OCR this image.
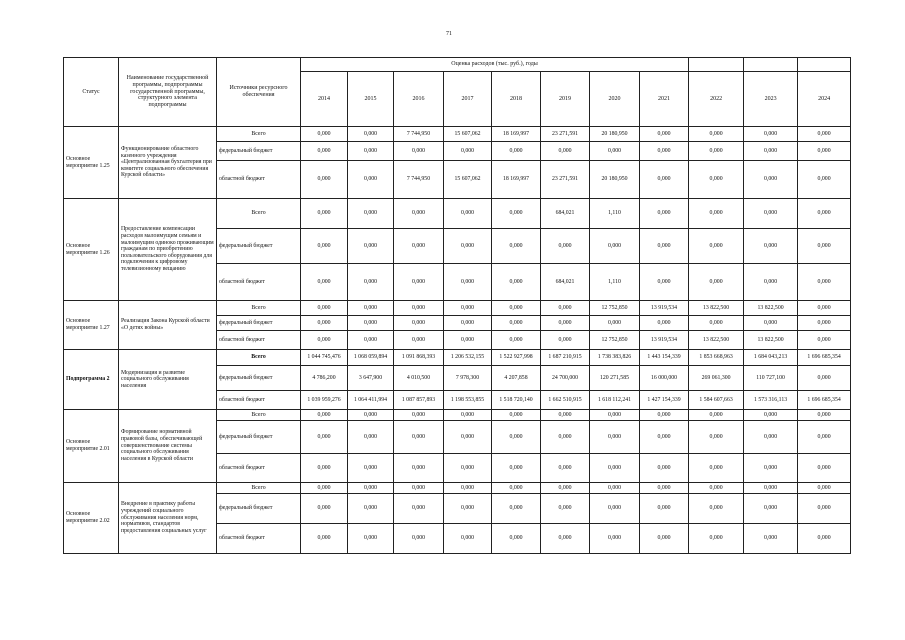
71
Статус	Наименование государственной программы, подпрограммы государственной программы, структурного элемента подпрограммы	Источники ресурсного обеспечения	Оценка расходов (тыс. руб.), годы										
			2014	2015	2016	2017	2018	2019	2020	2021	2022	2023	2024
Основное мероприятие 1.25	Функционирование областного казенного учреждения «Централизованная бухгалтерия при комитете социального обеспечения Курской области»	Всего	0,000	0,000	7 744,950	15 607,062	18 169,997	23 271,591	20 180,950	0,000	0,000	0,000	0,000
		федеральный бюджет	0,000	0,000	0,000	0,000	0,000	0,000	0,000	0,000	0,000	0,000	0,000
		областной бюджет	0,000	0,000	7 744,950	15 607,062	18 169,997	23 271,591	20 180,950	0,000	0,000	0,000	0,000
Основное мероприятие 1.26	Предоставление компенсации расходов малоимущим семьям и малоимущим одиноко проживающим гражданам по приобретению пользовательского оборудования для подключения к цифровому телевизионному вещанию	Всего	0,000	0,000	0,000	0,000	0,000	684,021	1,110	0,000	0,000	0,000	0,000
		федеральный бюджет	0,000	0,000	0,000	0,000	0,000	0,000	0,000	0,000	0,000	0,000	0,000
		областной бюджет	0,000	0,000	0,000	0,000	0,000	684,021	1,110	0,000	0,000	0,000	0,000
Основное мероприятие 1.27	Реализация Закона Курской области «О детях войны»	Всего	0,000	0,000	0,000	0,000	0,000	0,000	12 752,850	13 919,534	13 822,500	13 822,500	0,000
		федеральный бюджет	0,000	0,000	0,000	0,000	0,000	0,000	0,000	0,000	0,000	0,000	0,000
		областной бюджет	0,000	0,000	0,000	0,000	0,000	0,000	12 752,850	13 919,534	13 822,500	13 822,500	0,000
Подпрограмма 2	Модернизация и развитие социального обслуживания населения	Всего	1 044 745,476	1 068 059,894	1 091 868,393	1 206 532,155	1 522 927,998	1 687 210,915	1 738 383,826	1 443 154,339	1 853 668,963	1 684 043,213	1 696 685,354
		федеральный бюджет	4 786,200	3 647,900	4 010,500	7 978,300	4 207,858	24 700,000	120 271,585	16 000,000	269 061,300	110 727,100	0,000
		областной бюджет	1 039 959,276	1 064 411,994	1 087 857,893	1 198 553,855	1 518 720,140	1 662 510,915	1 618 112,241	1 427 154,339	1 584 607,663	1 573 316,113	1 696 685,354
Основное мероприятие 2.01	Формирование нормативной правовой базы, обеспечивающей совершенствование системы социального обслуживания населения в Курской области	Всего	0,000	0,000	0,000	0,000	0,000	0,000	0,000	0,000	0,000	0,000	0,000
		федеральный бюджет	0,000	0,000	0,000	0,000	0,000	0,000	0,000	0,000	0,000	0,000	0,000
		областной бюджет	0,000	0,000	0,000	0,000	0,000	0,000	0,000	0,000	0,000	0,000	0,000
Основное мероприятие 2.02	Внедрение в практику работы учреждений социального обслуживания населения норм, нормативов, стандартов предоставления социальных услуг	Всего	0,000	0,000	0,000	0,000	0,000	0,000	0,000	0,000	0,000	0,000	0,000
		федеральный бюджет	0,000	0,000	0,000	0,000	0,000	0,000	0,000	0,000	0,000	0,000	0,000
		областной бюджет	0,000	0,000	0,000	0,000	0,000	0,000	0,000	0,000	0,000	0,000	0,000
